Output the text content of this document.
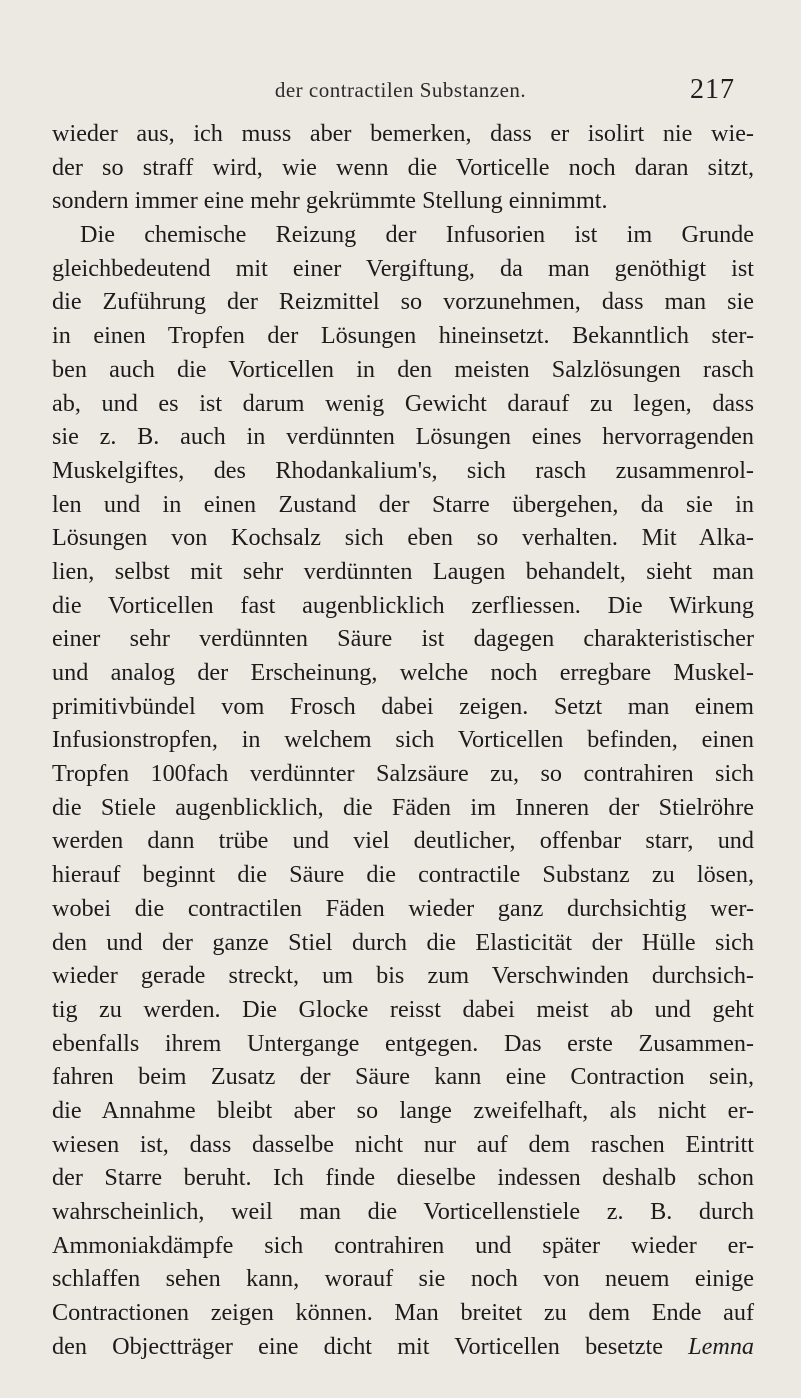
der contractilen Substanzen.	217
wieder aus, ich muss aber bemerken, dass er isolirt nie wie-
der so straff wird, wie wenn die Vorticelle noch daran sitzt,
sondern immer eine mehr gekrümmte Stellung einnimmt.
Die chemische Reizung der Infusorien ist im Grunde
gleichbedeutend mit einer Vergiftung, da man genöthigt ist
die Zuführung der Reizmittel so vorzunehmen, dass man sie
in einen Tropfen der Lösungen hineinsetzt. Bekanntlich ster-
ben auch die Vorticellen in den meisten Salzlösungen rasch
ab, und es ist darum wenig Gewicht darauf zu legen, dass
sie z. B. auch in verdünnten Lösungen eines hervorragenden
Muskelgiftes, des Rhodankalium's, sich rasch zusammenrol-
len und in einen Zustand der Starre übergehen, da sie in
Lösungen von Kochsalz sich eben so verhalten. Mit Alka-
lien, selbst mit sehr verdünnten Laugen behandelt, sieht man
die Vorticellen fast augenblicklich zerfliessen. Die Wirkung
einer sehr verdünnten Säure ist dagegen charakteristischer
und analog der Erscheinung, welche noch erregbare Muskel-
primitivbündel vom Frosch dabei zeigen. Setzt man einem
Infusionstropfen, in welchem sich Vorticellen befinden, einen
Tropfen 100fach verdünnter Salzsäure zu, so contrahiren sich
die Stiele augenblicklich, die Fäden im Inneren der Stielröhre
werden dann trübe und viel deutlicher, offenbar starr, und
hierauf beginnt die Säure die contractile Substanz zu lösen,
wobei die contractilen Fäden wieder ganz durchsichtig wer-
den und der ganze Stiel durch die Elasticität der Hülle sich
wieder gerade streckt, um bis zum Verschwinden durchsich-
tig zu werden. Die Glocke reisst dabei meist ab und geht
ebenfalls ihrem Untergange entgegen. Das erste Zusammen-
fahren beim Zusatz der Säure kann eine Contraction sein,
die Annahme bleibt aber so lange zweifelhaft, als nicht er-
wiesen ist, dass dasselbe nicht nur auf dem raschen Eintritt
der Starre beruht. Ich finde dieselbe indessen deshalb schon
wahrscheinlich, weil man die Vorticellenstiele z. B. durch
Ammoniakdämpfe sich contrahiren und später wieder er-
schlaffen sehen kann, worauf sie noch von neuem einige
Contractionen zeigen können. Man breitet zu dem Ende auf
den Objectträger eine dicht mit Vorticellen besetzte Lemna
